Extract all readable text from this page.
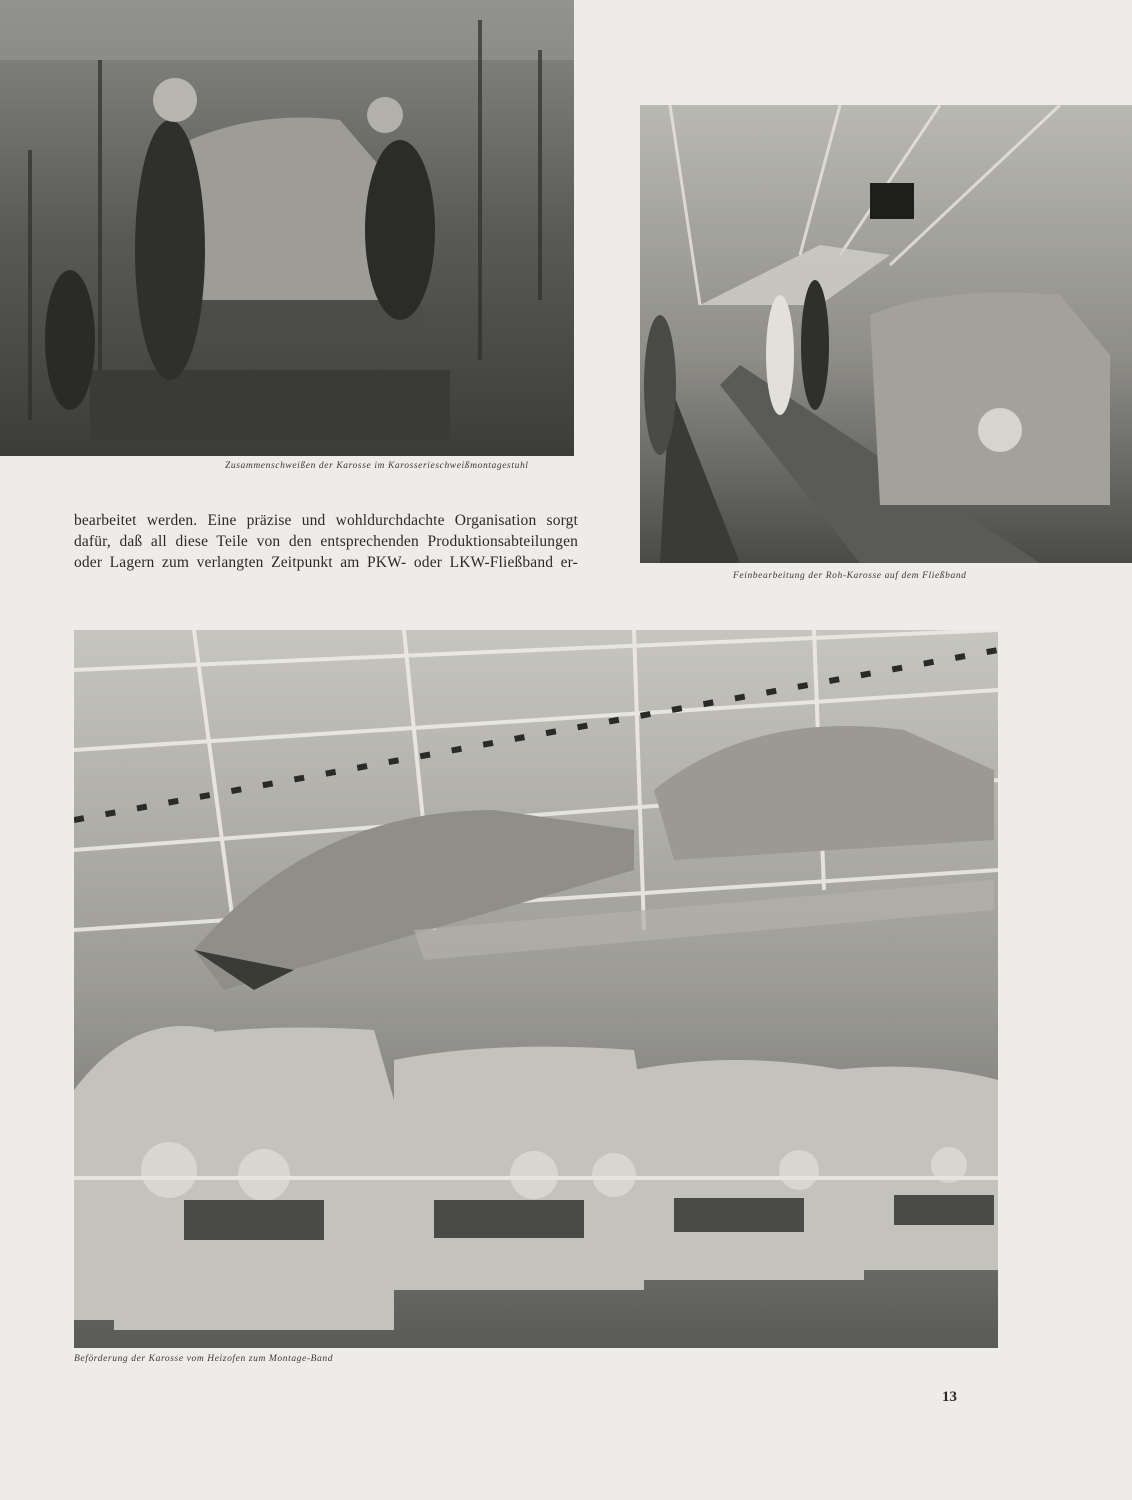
Zusammenschweißen der Karosse im Karosserieschweißmontagestuhl
Feinbearbeitung der Roh-Karosse auf dem Fließband
bearbeitet werden. Eine präzise und wohldurchdachte Organisation sorgt
dafür, daß all diese Teile von den entsprechenden Produktionsabteilungen
oder Lagern zum verlangten Zeitpunkt am PKW- oder LKW-Fließband er-
Beförderung der Karosse vom Heizofen zum Montage-Band
13
